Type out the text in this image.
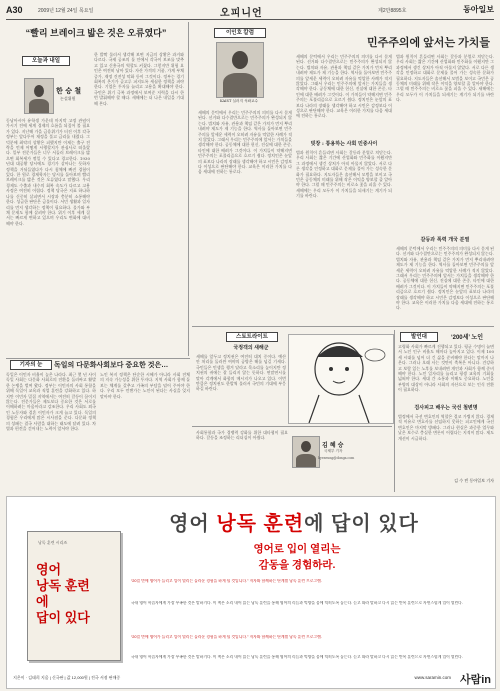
A30	2009년 12월 24일 목요일	오피니언	제2만8895호	동아일보
“빨리 브레이크 밟은 것은 오류였다”
오늘과 내일
한 승 철
논설위원
동남아시아 유학생 가운데 마지막 고정 관념이 가시기 전에 세계 경제의 흐름을 되짚어 볼 필요가 있다. 지난해 가을 금융위기가 터진 이후 각국 정부는 앞다투어 재정을 풀고 금리를 내렸다. 그 덕분에 최악의 상황은 피했지만 이제는 출구 전략을 언제 어떻게 시행할지가 관심사로 떠올랐다. 일부 전문가들은 너무 서둘러 브레이크를 밟으면 회복세가 꺾일 수 있다고 경고한다. 1930년대 대공황 당시에도 경기가 살아나는 듯하자 정책을 거둬들였다가 다시 침체에 빠진 경험이 있다. 한 원로 경제학자는 당시를 돌아보며 빨리 브레이크를 밟은 것은 오류였다고 말했다. 우리 경제도 수출과 내수의 회복 속도가 다르고 고용 사정은 여전히 어렵다. 정책 당국은 지표 하나하나를 신중히 살피면서 시장과 충분히 소통해야 한다. 성급한 판단은 금물이다. 서민 생활과 일자리를 먼저 생각하는 정책이 필요하다. 물가와 부채 문제도 함께 살펴야 한다. 위기 이후 세계 질서는 빠르게 변하고 있으며 우리도 변화에 대비해야 한다.
한 발짝 물러서 생각해 보면 지금의 상황은 과거와 다르다. 국제 공조의 틀 안에서 각국이 보조를 맞추고 있고 신흥국의 역할도 커졌다. 그렇지만 위험 요인은 여전히 남아 있다. 자산 가격의 거품, 가계 부채 증가, 재정 건전성 악화 등이 그것이다. 정부는 경기 회복의 온기가 골고루 퍼지도록 세심한 정책을 펴야 한다. 기업은 투자를 늘리고 고용을 확대해야 한다. 국민은 위기 극복 과정에서 보여준 저력을 다시 한 번 발휘해야 할 때다. 새해에는 더 나은 내일을 기대해 본다.
이인호 칼럼
KAIST 실러지 석좌교수
민주주의에 앞서는 가치들
새해의 문턱에서 우리는 민주주의의 의미를 다시 묻게 된다. 선거와 다수결만으로는 민주주의가 완성되지 않는다. 법치와 자유, 관용과 책임 같은 가치가 먼저 뿌리내려야 제도가 제 기능을 한다. 역사를 돌아보면 민주주의를 앞세운 세력이 오히려 자유를 억압한 사례가 적지 않았다. 그래서 우리는 민주주의에 앞서는 가치들을 생각해야 한다. 공동체에 대한 헌신, 진실에 대한 존중, 타인에 대한 배려가 그것이다. 이 가치들이 약해지면 민주주의는 포퓰리즘으로 흐르기 쉽다. 정치인은 눈앞의 표보다 나라의 장래를 생각해야 하고 시민은 감정보다 이성으로 판단해야 한다. 교육은 이러한 가치를 다음 세대에 전하는 통로다.
빗장 : 통용하는 사회 민중사이
법과 원칙이 흔들리면 사회는 갈등과 분열로 치닫는다. 우리 사회는 짧은 기간에 산업화와 민주화를 이뤘지만 그 과정에서 생긴 상처가 아직 아물지 않았다. 서로 다른 생각을 인정하고 대화로 문제를 풀어 가는 성숙한 문화가 필요하다. 지도자들은 솔선해서 모범을 보이고 국민은 공동체의 미래를 위해 작은 이익을 양보할 줄 알아야 한다. 그럴 때 민주주의는 비로소 꽃을 피울 수 있다. 새해에는 우리 모두가 이 가치들을 되새기는 계기가 되기를 바란다.
새해의 문턱에서 우리는 민주주의의 의미를 다시 묻게 된다. 선거와 다수결만으로는 민주주의가 완성되지 않는다. 법치와 자유, 관용과 책임 같은 가치가 먼저 뿌리내려야 제도가 제 기능을 한다. 역사를 돌아보면 민주주의를 앞세운 세력이 오히려 자유를 억압한 사례가 적지 않았다. 그래서 우리는 민주주의에 앞서는 가치들을 생각해야 한다. 공동체에 대한 헌신, 진실에 대한 존중, 타인에 대한 배려가 그것이다. 이 가치들이 약해지면 민주주의는 포퓰리즘으로 흐르기 쉽다. 정치인은 눈앞의 표보다 나라의 장래를 생각해야 하고 시민은 감정보다 이성으로 판단해야 한다. 교육은 이러한 가치를 다음 세대에 전하는 통로다.
법과 원칙이 흔들리면 사회는 갈등과 분열로 치닫는다. 우리 사회는 짧은 기간에 산업화와 민주화를 이뤘지만 그 과정에서 생긴 상처가 아직 아물지 않았다. 서로 다른 생각을 인정하고 대화로 문제를 풀어 가는 성숙한 문화가 필요하다. 지도자들은 솔선해서 모범을 보이고 국민은 공동체의 미래를 위해 작은 이익을 양보할 줄 알아야 한다. 그럴 때 민주주의는 비로소 꽃을 피울 수 있다. 새해에는 우리 모두가 이 가치들을 되새기는 계기가 되기를 바란다.
갈등과 폭력 개국 분열
새해의 문턱에서 우리는 민주주의의 의미를 다시 묻게 된다. 선거와 다수결만으로는 민주주의가 완성되지 않는다. 법치와 자유, 관용과 책임 같은 가치가 먼저 뿌리내려야 제도가 제 기능을 한다. 역사를 돌아보면 민주주의를 앞세운 세력이 오히려 자유를 억압한 사례가 적지 않았다. 그래서 우리는 민주주의에 앞서는 가치들을 생각해야 한다. 공동체에 대한 헌신, 진실에 대한 존중, 타인에 대한 배려가 그것이다. 이 가치들이 약해지면 민주주의는 포퓰리즘으로 흐르기 쉽다. 정치인은 눈앞의 표보다 나라의 장래를 생각해야 하고 시민은 감정보다 이성으로 판단해야 한다. 교육은 이러한 가치를 다음 세대에 전하는 통로다.
스토트라이트
국정객의 새해군
새해를 앞두고 정치권은 여전히 대치 중이다. 예산안 처리를 둘러싼 여야의 공방은 해를 넘길 기세다. 국민들은 민생을 챙겨 달라고 목소리를 높이지만 정치권의 귀에는 잘 들리지 않는 듯하다. 연말연시를 맞아 각계에서 화합의 메시지가 나오고 있다. 이번만큼은 정치권도 한발씩 물러서 국민의 기대에 부응하길 바란다.
사회통합과 국가 경쟁력 강화를 위한 대타협이 필요하다. 갈등을 조정하는 리더십이 아쉽다.
김 혜 승
국제부 기자
hyeseung@donga.com
발언대	‘200세’ 노인
고령화 사회가 빠르게 진행되고 있다. 평균 수명이 늘면서 노인 인구 비율도 해마다 높아지고 있다. 이제 100세 시대를 넘어 더 긴 삶을 준비해야 한다는 말까지 나온다. 그러나 오래 사는 것만이 축복은 아니다. 건강하고 보람 있는 노후를 보내려면 개인과 사회가 함께 준비해야 한다. 노인 일자리를 늘리고 평생 교육의 기회를 넓혀야 한다. 세대 간 소통과 이해도 중요하다. 노인을 부양의 대상이 아니라 사회의 자산으로 보는 인식 전환이 필요하다.
검사피고 배우는 국선 철변명
법정에서 국선 변호인의 역할은 결코 가볍지 않다. 경제적 이유로 변호사를 선임하지 못하는 피고인에게 국선 변호인은 마지막 방패다. 그러나 현실은 과중한 업무와 낮은 보수로 충실한 변론이 어렵다는 지적이 많다. 제도 개선이 시급하다.
김 수 빈 동아일보 기자
기자의 눈	독일의 다문화사회보다 중요한 것은…
독일은 이민자 비율이 높은 나라다. 최근 몇 년 사이 독일 사회는 다문화 사회로의 전환을 둘러싸고 활발한 논쟁을 벌여 왔다. 정부는 이민자의 사회 통합을 위해 독일어 교육과 직업 훈련을 강화하고 있다. 하지만 이민자 밀집 지역에서는 여전히 갈등이 끊이지 않는다. 전문가들은 제도보다 중요한 것은 서로를 이해하려는 마음이라고 강조한다. 우리 사회도 외국인 노동자와 결혼 이민자가 크게 늘고 있다. 독일의 경험은 우리에게 많은 시사점을 준다. 다문화 정책의 성패는 결국 사람을 대하는 태도에 달려 있다. 차별과 편견을 걷어내는 노력이 앞서야 한다.
노인 복지 정책은 단순한 시혜가 아니라 사회 전체의 지속 가능성을 위한 투자다. 지역 사회가 함께 돌보는 체계를 갖추고 가족의 부담을 덜어 주어야 한다. 우리 모두 언젠가는 노인이 된다는 사실을 잊지 말아야 한다.
낭독 훈련 시리즈
영어
낭독 훈련
에
답이 있다
영어 낭독 훈련에 답이 있다
영어로 입이 열리는
감동을 경험하라.
“20일 만에 영어가 들리고 입이 열리는 놀라운 경험을 하게 될 것입니다.” 저자와 함께하는 단계별 낭독 훈련 프로그램.
국내 영어 학습자에게 가장 부족한 것은 말하기다. 이 책은 소리 내어 읽는 낭독 훈련을 통해 영어의 리듬과 억양을 몸에 익히도록 돕는다. 듣고 따라 말하고 다시 읽는 반복 훈련으로 자연스럽게 입이 열린다.
“20일 만에 영어가 들리고 입이 열리는 놀라운 경험을 하게 될 것입니다.” 저자와 함께하는 단계별 낭독 훈련 프로그램.
국내 영어 학습자에게 가장 부족한 것은 말하기다. 이 책은 소리 내어 읽는 낭독 훈련을 통해 영어의 리듬과 억양을 몸에 익히도록 돕는다. 듣고 따라 말하고 다시 읽는 반복 훈련으로 자연스럽게 입이 열린다.
지은이 · 김태희 지음 | 신국판 | 값 12,000원 | 전국 서점 판매중	www.saramin.com 사람in
